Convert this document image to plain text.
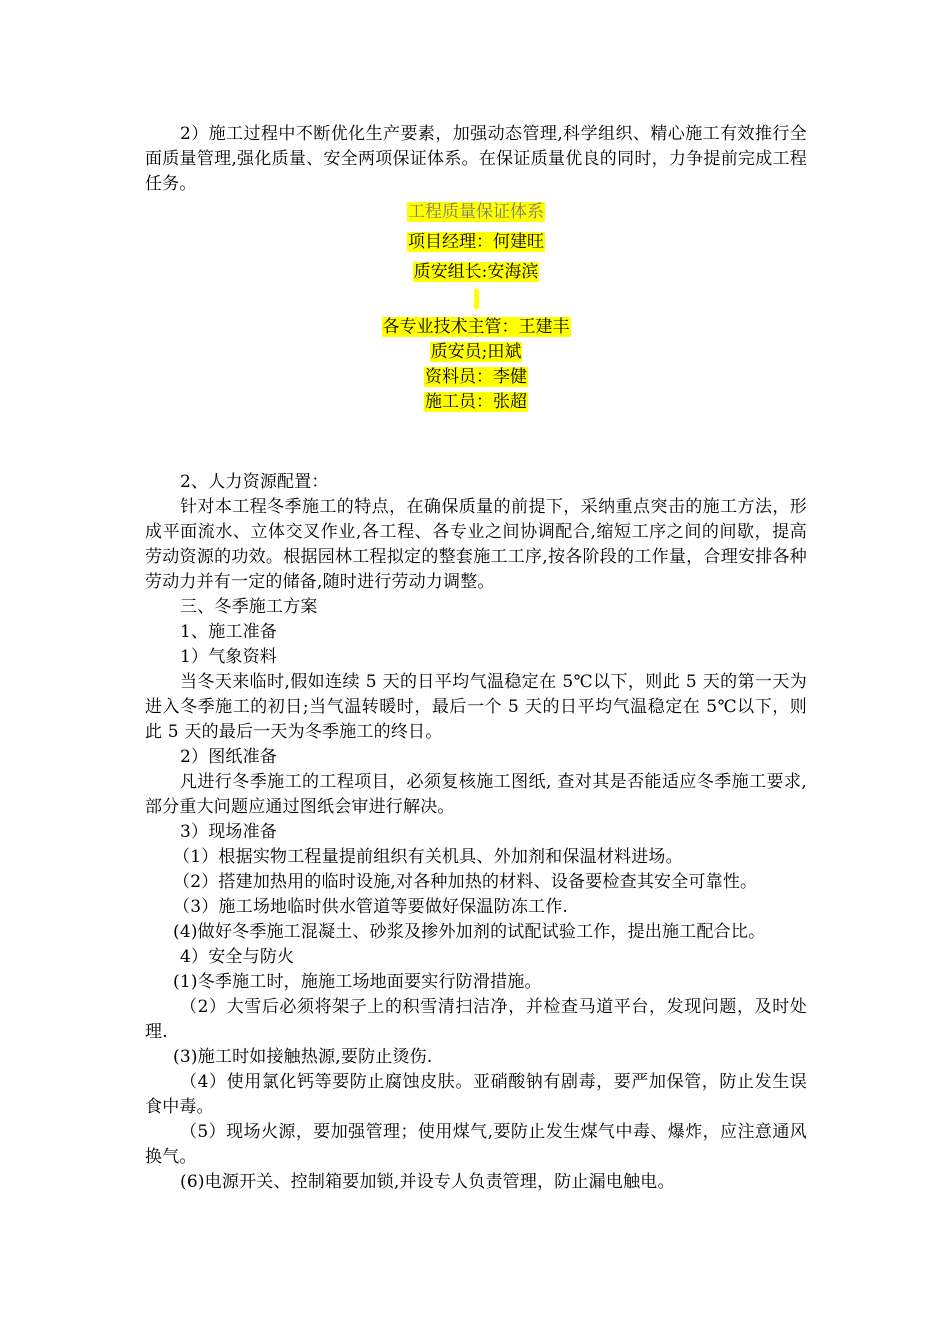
2）施工过程中不断优化生产要素，加强动态管理,科学组织、精心施工有效推行全面质量管理,强化质量、安全两项保证体系。在保证质量优良的同时，力争提前完成工程任务。

工程质量保证体系

项目经理：何建旺

质安组长:安海滨

各专业技术主管：王建丰

质安员;田斌

资料员：李健

施工员：张超

2、人力资源配置：

针对本工程冬季施工的特点，在确保质量的前提下，采纳重点突击的施工方法，形成平面流水、立体交叉作业,各工程、各专业之间协调配合,缩短工序之间的间歇，提高劳动资源的功效。根据园林工程拟定的整套施工工序,按各阶段的工作量，合理安排各种劳动力并有一定的储备,随时进行劳动力调整。

三、冬季施工方案

1、施工准备

1）气象资料

当冬天来临时,假如连续 5 天的日平均气温稳定在 5℃以下，则此 5 天的第一天为进入冬季施工的初日;当气温转暖时，最后一个 5 天的日平均气温稳定在 5℃以下，则此 5 天的最后一天为冬季施工的终日。

2）图纸准备

凡进行冬季施工的工程项目，必须复核施工图纸, 查对其是否能适应冬季施工要求, 部分重大问题应通过图纸会审进行解决。

3）现场准备

（1）根据实物工程量提前组织有关机具、外加剂和保温材料进场。

（2）搭建加热用的临时设施,对各种加热的材料、设备要检查其安全可靠性。

（3）施工场地临时供水管道等要做好保温防冻工作.

(4)做好冬季施工混凝土、砂浆及掺外加剂的试配试验工作，提出施工配合比。

4）安全与防火

(1)冬季施工时，施施工场地面要实行防滑措施。

（2）大雪后必须将架子上的积雪清扫洁净，并检查马道平台，发现问题，及时处理.

(3)施工时如接触热源,要防止烫伤.

（4）使用氯化钙等要防止腐蚀皮肤。亚硝酸钠有剧毒，要严加保管，防止发生误食中毒。

（5）现场火源，要加强管理；使用煤气,要防止发生煤气中毒、爆炸，应注意通风换气。

(6)电源开关、控制箱要加锁,并设专人负责管理，防止漏电触电。
